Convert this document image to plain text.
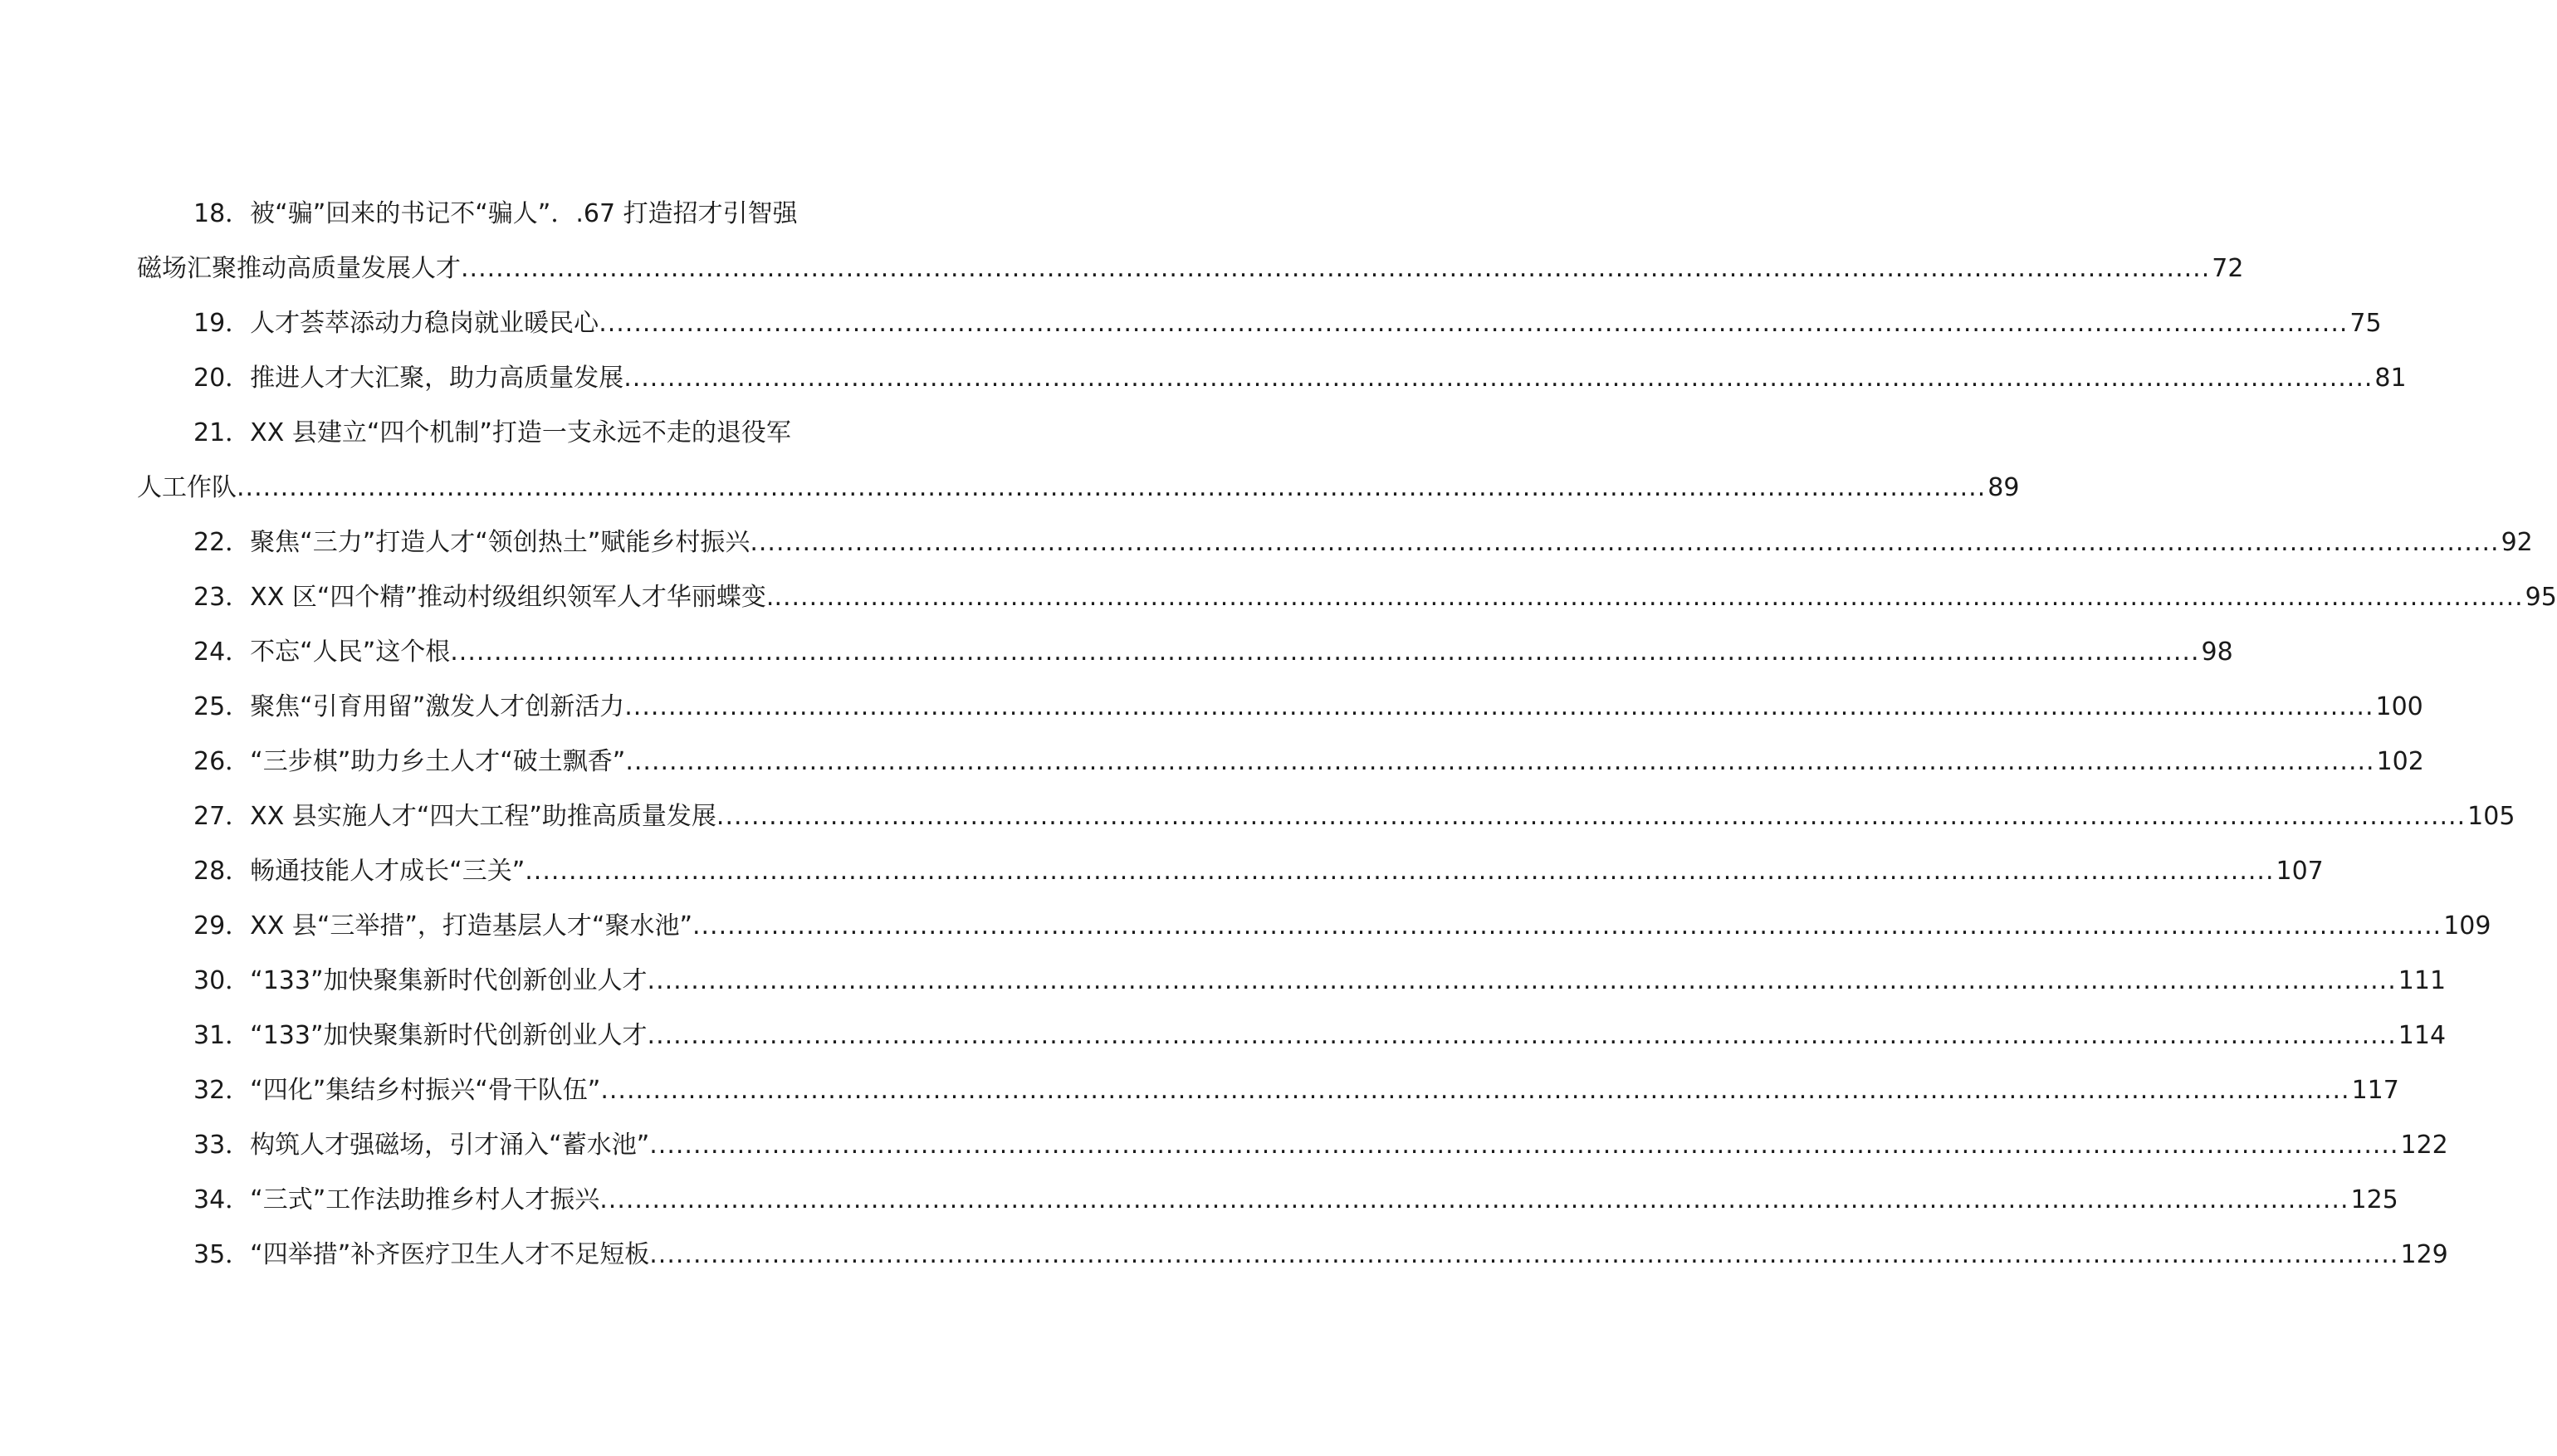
18．被“骗”回来的书记不“骗人”．.67 打造招才引智强
磁场汇聚推动高质量发展人才 ........................................................................................................................................................................................................ 72
19．人才荟萃添动力稳岗就业暖民心 ........................................................................................................................................................................................................ 75
20．推进人才大汇聚，助力高质量发展 ........................................................................................................................................................................................................ 81
21．XX 县建立“四个机制”打造一支永远不走的退役军
人工作队 ........................................................................................................................................................................................................ 89
22．聚焦“三力”打造人才“领创热土”赋能乡村振兴 ........................................................................................................................................................................................................ 92
23．XX 区“四个精”推动村级组织领军人才华丽蝶变. ........................................................................................................................................................................................................ 95
24．不忘“人民”这个根 ........................................................................................................................................................................................................ 98
25．聚焦“引育用留”激发人才创新活力 ........................................................................................................................................................................................................ 100
26．“三步棋”助力乡土人才“破土飘香” ........................................................................................................................................................................................................ 102
27．XX 县实施人才“四大工程”助推高质量发展 ........................................................................................................................................................................................................ 105
28．畅通技能人才成长“三关” ........................................................................................................................................................................................................ 107
29．XX 县“三举措”，打造基层人才“聚水池” ........................................................................................................................................................................................................ 109
30．“133”加快聚集新时代创新创业人才 ........................................................................................................................................................................................................ 111
31．“133”加快聚集新时代创新创业人才 ........................................................................................................................................................................................................ 114
32．“四化”集结乡村振兴“骨干队伍” ........................................................................................................................................................................................................ 117
33．构筑人才强磁场，引才涌入“蓄水池” ........................................................................................................................................................................................................ 122
34．“三式”工作法助推乡村人才振兴 ........................................................................................................................................................................................................ 125
35．“四举措”补齐医疗卫生人才不足短板 ........................................................................................................................................................................................................ 129
